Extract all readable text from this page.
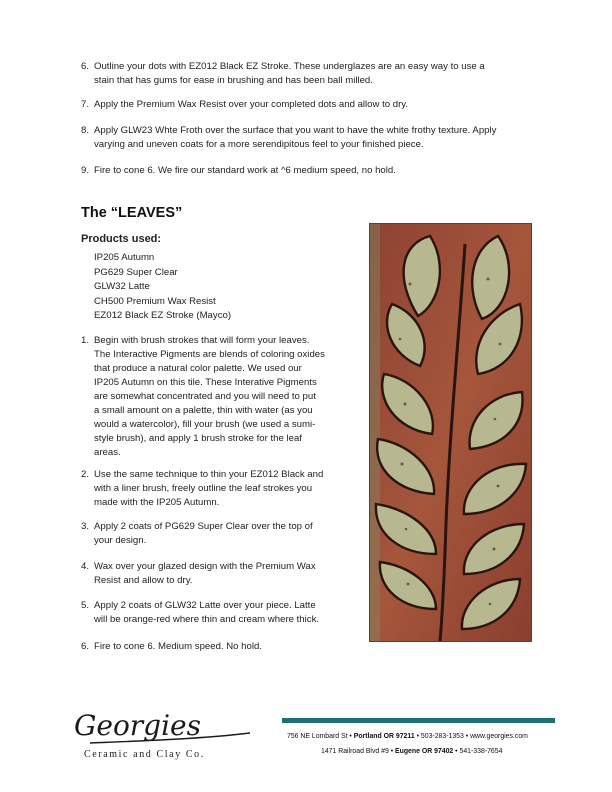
6. Outline your dots with EZ012 Black EZ Stroke. These underglazes are an easy way to use a
stain that has gums for ease in brushing and has been ball milled.
7. Apply the Premium Wax Resist over your completed dots and allow to dry.
8. Apply GLW23 Whte Froth over the surface that you want to have the white frothy texture. Apply
varying and uneven coats for a more serendipitous feel to your finished piece.
9. Fire to cone 6. We fire our standard work at ^6 medium speed, no hold.
The “LEAVES”
Products used:
IP205 Autumn
PG629 Super Clear
GLW32 Latte
CH500 Premium Wax Resist
EZ012 Black EZ Stroke (Mayco)
1. Begin with brush strokes that will form your leaves.
The Interactive Pigments are blends of coloring oxides
that produce a natural color palette. We used our
IP205 Autumn on this tile. These Interative Pigments
are somewhat concentrated and you will need to put
a small amount on a palette, thin with water (as you
would a watercolor), fill your brush (we used a sumi-
style brush), and apply 1 brush stroke for the leaf
areas.
2. Use the same technique to thin your EZ012 Black and
with a liner brush, freely outline the leaf strokes you
made with the IP205 Autumn.
3. Apply 2 coats of PG629 Super Clear over the top of
your design.
4. Wax over your glazed design with the Premium Wax
Resist and allow to dry.
5. Apply 2 coats of GLW32 Latte over your piece. Latte
will be orange-red where thin and cream where thick.
6. Fire to cone 6. Medium speed. No hold.
Georgies
Ceramic and Clay Co.
756 NE Lombard St • Portland OR 97211 • 503-283-1353 • www.georgies.com
1471 Railroad Blvd #9 • Eugene OR 97402 • 541-338-7654
